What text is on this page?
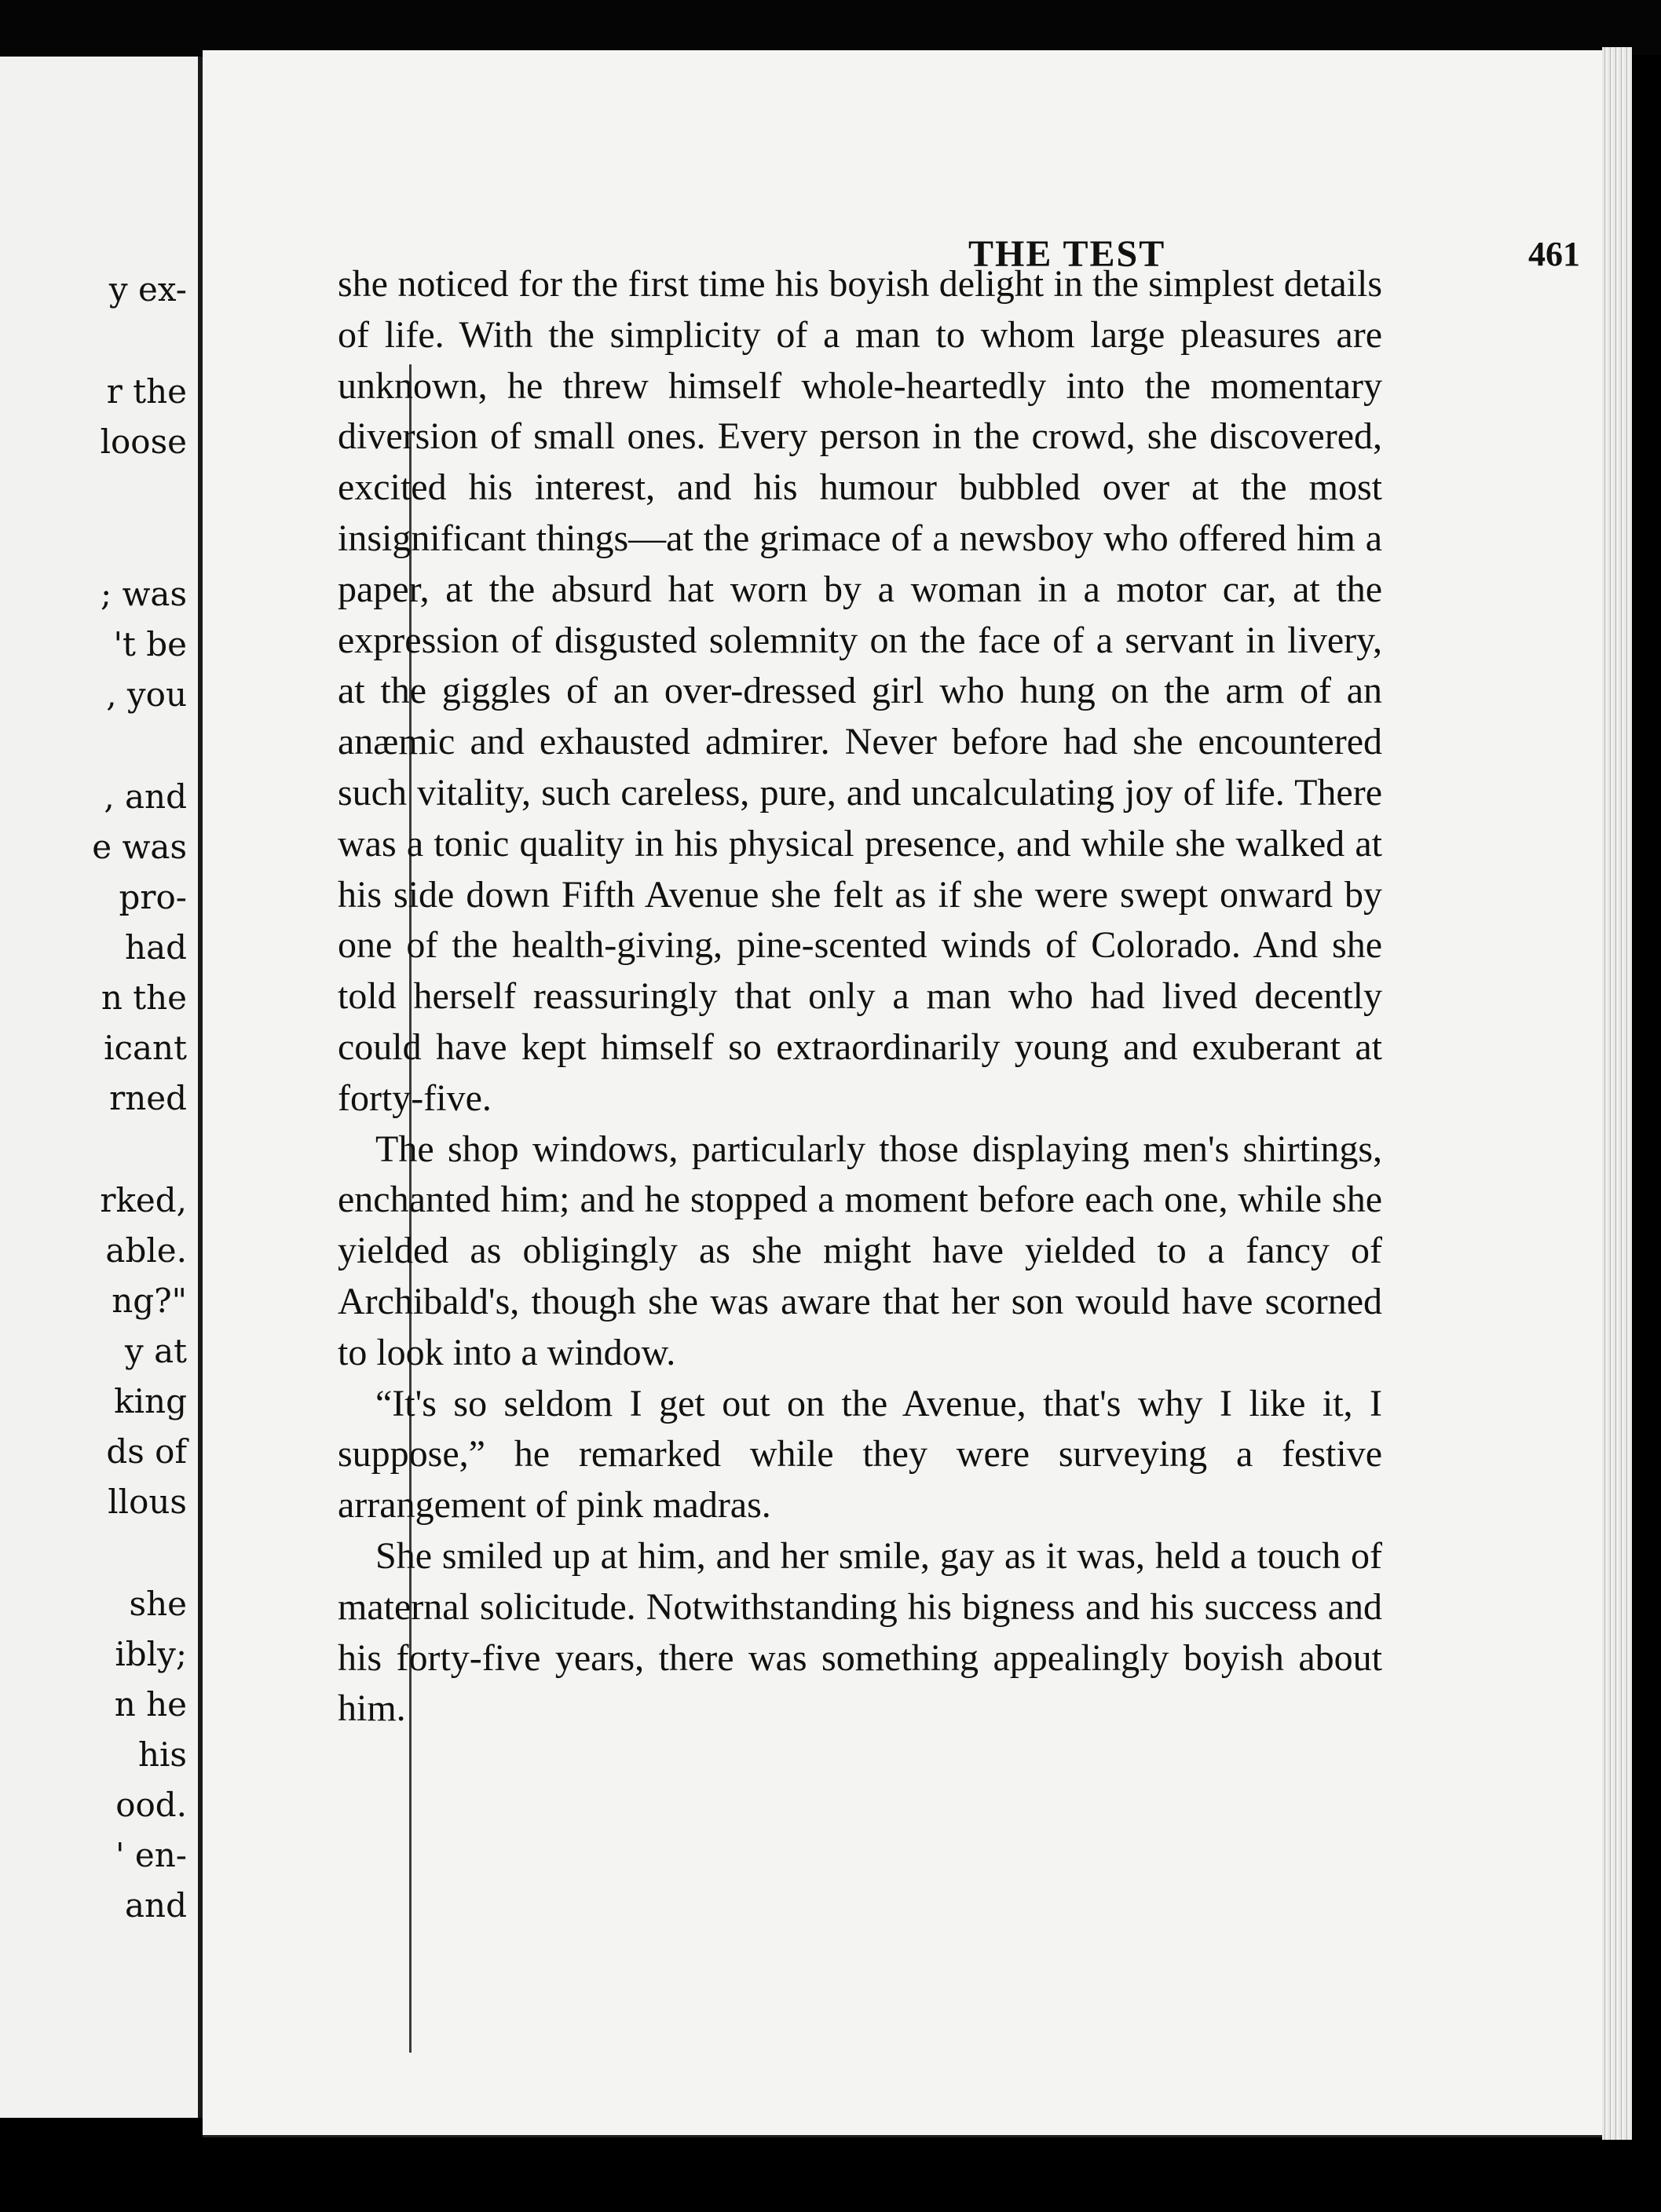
y ex-
r the
loose
; was
't be
, you
, and
e was
pro-
had
n the
icant
rned
rked,
able.
ng?"
y at
king
ds of
llous
she
ibly;
n he
his
ood.
' en-
and
THE TEST	461

she noticed for the first time his boyish delight in the simplest details of life. With the simplicity of a man to whom large pleasures are unknown, he threw himself whole-heartedly into the momentary diversion of small ones. Every person in the crowd, she discovered, excited his interest, and his humour bubbled over at the most insignificant things—at the grimace of a newsboy who offered him a paper, at the absurd hat worn by a woman in a motor car, at the expression of disgusted solemnity on the face of a servant in livery, at the giggles of an over-dressed girl who hung on the arm of an anæmic and exhausted admirer. Never before had she encountered such vitality, such careless, pure, and uncalculating joy of life. There was a tonic quality in his physical presence, and while she walked at his side down Fifth Avenue she felt as if she were swept onward by one of the health-giving, pine-scented winds of Colorado. And she told herself reassuringly that only a man who had lived decently could have kept himself so extraordinarily young and exuberant at forty-five.

The shop windows, particularly those displaying men's shirtings, enchanted him; and he stopped a moment before each one, while she yielded as obligingly as she might have yielded to a fancy of Archibald's, though she was aware that her son would have scorned to look into a window.

“It's so seldom I get out on the Avenue, that's why I like it, I suppose,” he remarked while they were surveying a festive arrangement of pink madras.

She smiled up at him, and her smile, gay as it was, held a touch of maternal solicitude. Notwithstanding his bigness and his success and his forty-five years, there was something appealingly boyish about him.
